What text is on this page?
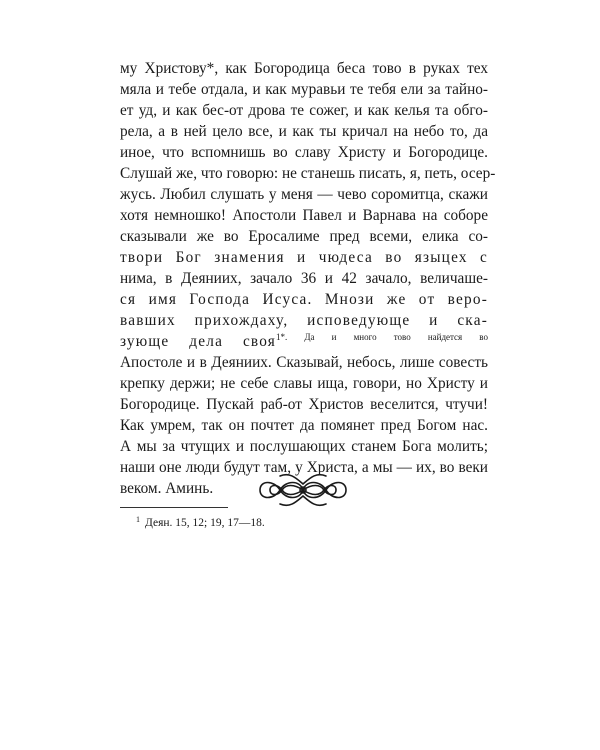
му Христову*, как Богородица беса тово в руках тех
мяла и тебе отдала, и как муравьи те тебя ели за тайно-
ет уд, и как бес-от дрова те сожег, и как келья та обго-
рела, а в ней цело все, и как ты кричал на небо то, да
иное, что вспомнишь во славу Христу и Богородице.
Слушай же, что говорю: не станешь писать, я, петь, осер-
жусь. Любил слушать у меня — чево соромитца, скажи
хотя немношко! Апостоли Павел и Варнава на соборе
сказывали же во Еросалиме пред всеми, елика со-
твори Бог знамения и чюдеса во языцех с
нима, в Деяниих, зачало 36 и 42 зачало, величаше-
ся имя Господа Исуса. Мнози же от веро-
вавших прихождаху, исповедующе и ска-
зующе дела своя$^{1*. Да и много тово найдется во}$
Апостоле и в Деяниих. Сказывай, небось, лише совесть
крепку держи; не себе славы ища, говори, но Христу и
Богородице. Пускай раб-от Христов веселится, чтучи!
Как умрем, так он почтет да помянет пред Богом нас.
А мы за чтущих и послушающих станем Бога молить;
наши оне люди будут там, у Христа, а мы — их, во веки
веком. Аминь.
$^1$ Деян. 15, 12; 19, 17—18.
